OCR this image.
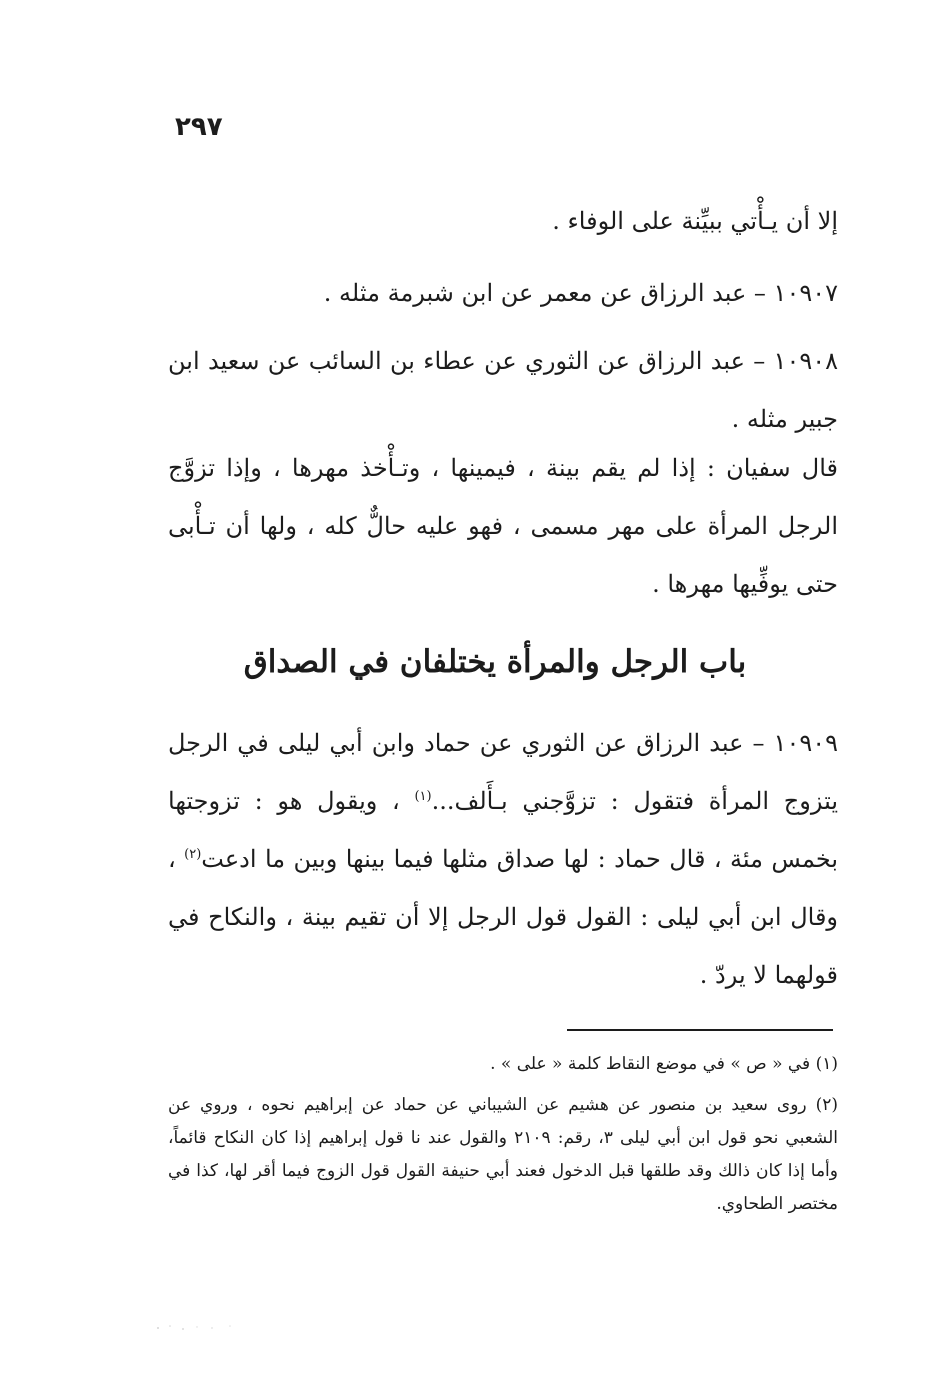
٢٩٧

إلا أن يـأْتي ببيِّنة على الوفاء .

١٠٩٠٧ – عبد الرزاق عن معمر عن ابن شبرمة مثله .

١٠٩٠٨ – عبد الرزاق عن الثوري عن عطاء بن السائب عن سعيد ابن جبير مثله .

قال سفيان : إذا لم يقم بينة ، فيمينها ، وتـأْخذ مهرها ، وإذا تزوَّج الرجل المرأة على مهر مسمى ، فهو عليه حالٌّ كله ، ولها أن تـأْبى حتى يوفِّيها مهرها .

باب الرجل والمرأة يختلفان في الصداق

١٠٩٠٩ – عبد الرزاق عن الثوري عن حماد وابن أبي ليلى في الرجل يتزوج المرأة فتقول : تزوَّجني بـأَلف...$^{(١)}$ ، ويقول هو : تزوجتها بخمس مئة ، قال حماد : لها صداق مثلها فيما بينها وبين ما ادعت$^{(٢)}$ ، وقال ابن أبي ليلى : القول قول الرجل إلا أن تقيم بينة ، والنكاح في قولهما لا يردّ .

(١) في « ص » في موضع النقاط كلمة « على » .

(٢) روى سعيد بن منصور عن هشيم عن الشيباني عن حماد عن إبراهيم نحوه ، وروي عن الشعبي نحو قول ابن أبي ليلى ٣، رقم: ٢١٠٩ والقول عند نا قول إبراهيم إذا كان النكاح قائماً، وأما إذا كان ذالك وقد طلقها قبل الدخول فعند أبي حنيفة القول قول الزوج فيما أقر لها، كذا في مختصر الطحاوي.
